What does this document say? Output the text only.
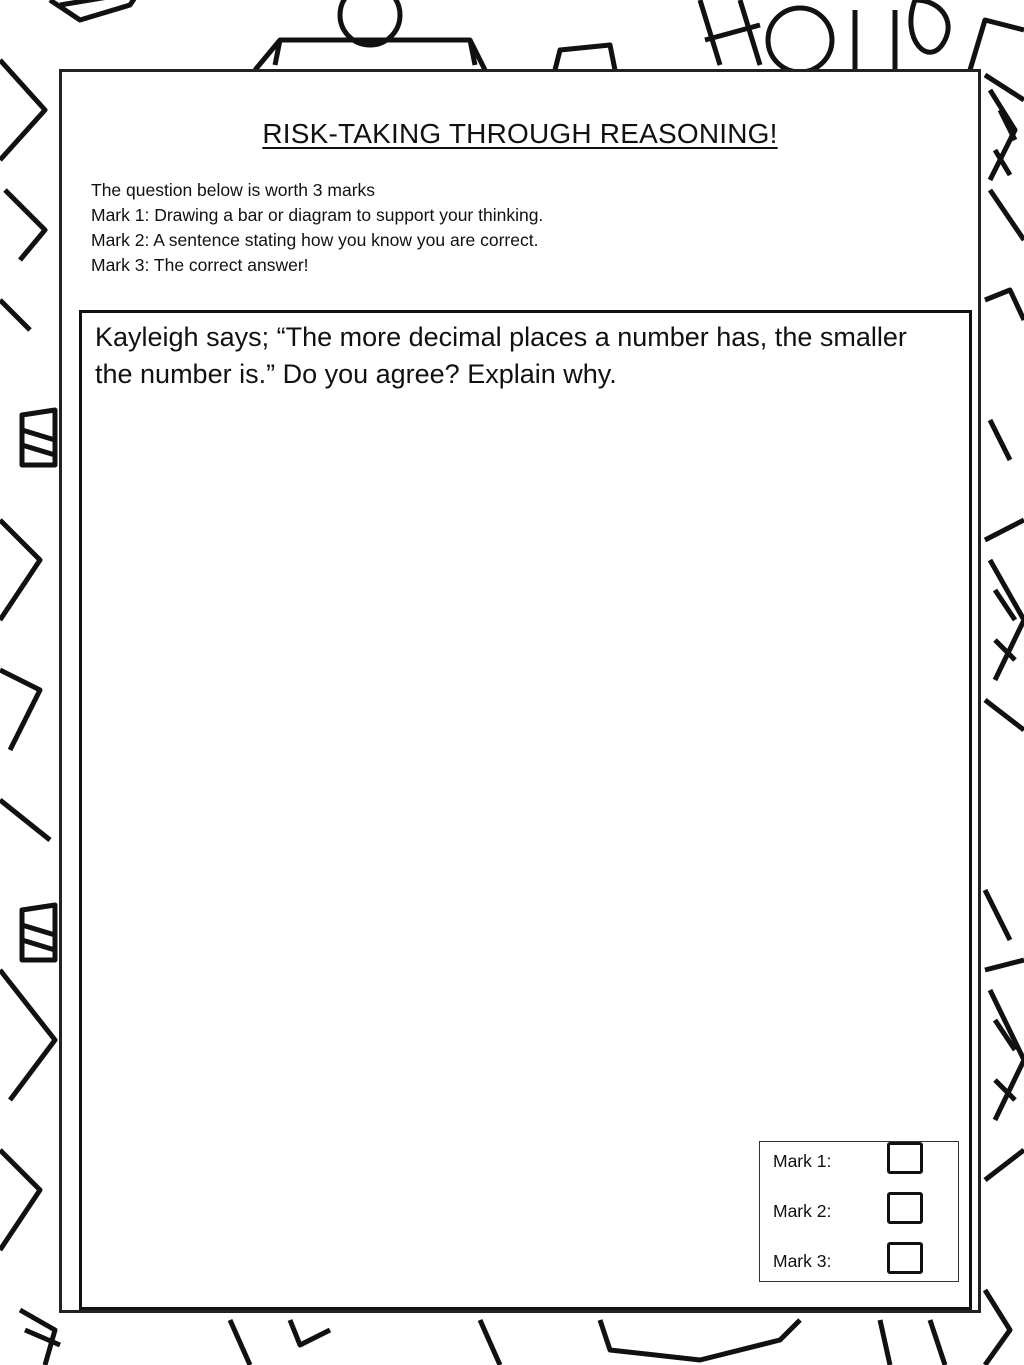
RISK-TAKING THROUGH REASONING!
The question below is worth 3 marks
Mark 1: Drawing a bar or diagram to support your thinking.
Mark 2: A sentence stating how you know you are correct.
Mark 3: The correct answer!
Kayleigh says; “The more decimal places a number has, the smaller
the number is.” Do you agree? Explain why.
Mark 1:
Mark 2:
Mark 3:
